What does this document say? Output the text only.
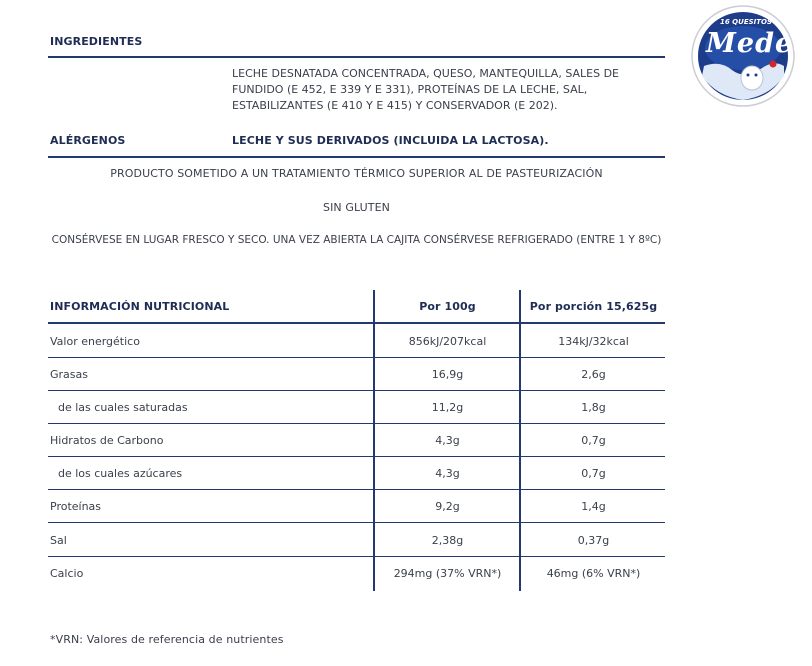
16 QUESITOS
Medea
INGREDIENTES
LECHE DESNATADA CONCENTRADA, QUESO, MANTEQUILLA, SALES DE FUNDIDO (E 452, E 339 Y E 331), PROTEÍNAS DE LA LECHE, SAL, ESTABILIZANTES (E 410 Y E 415) Y CONSERVADOR (E 202).
ALÉRGENOS	LECHE Y SUS DERIVADOS (INCLUIDA LA LACTOSA).
PRODUCTO SOMETIDO A UN TRATAMIENTO TÉRMICO SUPERIOR AL DE PASTEURIZACIÓN
SIN GLUTEN
CONSÉRVESE EN LUGAR FRESCO Y SECO. UNA VEZ ABIERTA LA CAJITA CONSÉRVESE REFRIGERADO (ENTRE 1 Y 8ºC)
INFORMACIÓN NUTRICIONAL	Por 100g	Por porción 15,625g
Valor energético	856kJ/207kcal	134kJ/32kcal
Grasas	16,9g	2,6g
de las cuales saturadas	11,2g	1,8g
Hidratos de Carbono	4,3g	0,7g
de los cuales azúcares	4,3g	0,7g
Proteínas	9,2g	1,4g
Sal	2,38g	0,37g
Calcio	294mg (37% VRN*)	46mg (6% VRN*)
*VRN: Valores de referencia de nutrientes
